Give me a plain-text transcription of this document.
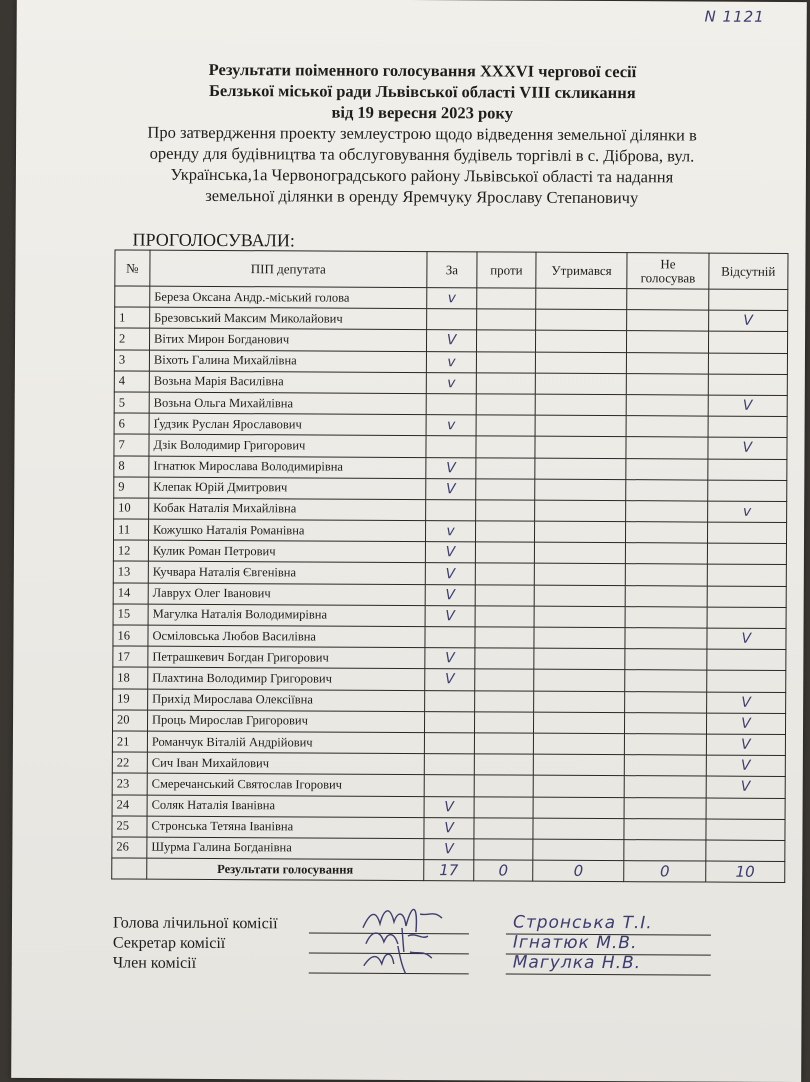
N 1121
Результати поіменного голосування XXXVI чергової сесії
Белзької міської ради Львівської області VIII скликання
від 19 вересня 2023 року
Про затвердження проекту землеустрою щодо відведення земельної ділянки в
оренду для будівництва та обслуговування будівель торгівлі в с. Діброва, вул.
Українська,1а Червоноградського району Львівської області та надання
земельної ділянки в оренду Яремчуку Ярославу Степановичу
ПРОГОЛОСУВАЛИ:
№	ПІП депутата	За	проти	Утримався	Не голосував	Відсутній
	Береза Оксана Андр.-міський голова	v				
1	Брезовський Максим Миколайович					V
2	Вітих Мирон Богданович	V				
3	Віхоть Галина Михайлівна	v				
4	Возьна Марія Василівна	v				
5	Возьна Ольга Михайлівна					V
6	Ґудзик Руслан Ярославович	v				
7	Дзік Володимир Григорович					V
8	Ігнатюк Мирослава Володимирівна	V				
9	Клепак Юрій Дмитрович	V				
10	Кобак Наталія Михайлівна					v
11	Кожушко Наталія Романівна	v				
12	Кулик Роман Петрович	V				
13	Кучвара Наталія Євгенівна	V				
14	Лаврух Олег Іванович	V				
15	Магулка Наталія Володимирівна	V				
16	Осміловська Любов Василівна					V
17	Петрашкевич Богдан Григорович	V				
18	Плахтина Володимир Григорович	V				
19	Прихід Мирослава Олексіївна					V
20	Проць Мирослав Григорович					V
21	Романчук Віталій Андрійович					V
22	Сич Іван Михайлович					V
23	Смеречанський Святослав Ігорович					V
24	Соляк Наталія Іванівна	V				
25	Стронська Тетяна Іванівна	V				
26	Шурма Галина Богданівна	V				
	Результати голосування	17	0	0	0	10
Голова лічильної комісії	Стронська Т.І.
Секретар комісії	Ігнатюк М.В.
Член комісії	Магулка Н.В.
